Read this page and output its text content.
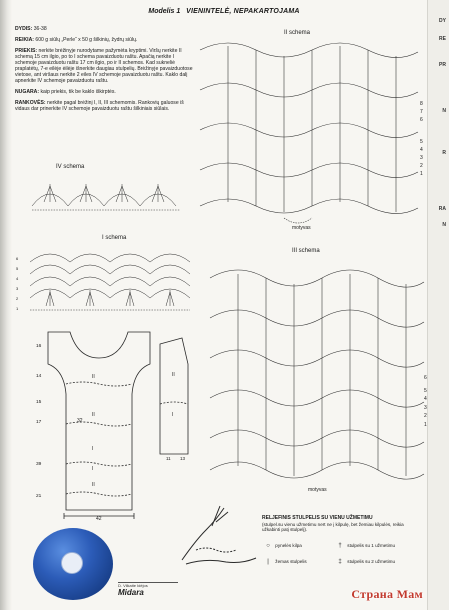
DY
RE
PR
N
R
RA
N
Modelis 1 VIENINTELĖ, NEPAKARTOJAMA

DYDIS: 36-38

REIKIA: 600 g siūlų „Perle“ x 50 g šilkinių, žydrų siūlų.

PRIEKIS: nerkite brėžinyje nurodytame pažymėta kryptimi. Viršų nerkite II schemą 15 cm ilgio, po to I schema pavaizduotu raštu. Apačią nerkite I schemoje pavaizduotu raštu 17 cm ilgio, po ir II schemos. Kad sukneliė praplatėtų, 7-e eilėje ėilėje išnerkite daugiau stulpelių. Brėžinyje pavaizduotose vietose, ant viršaus nerkite 2 eiles IV schemoje pavaizduotu raštu. Kaklo dalį apnerkite IV schemoje pavaizduotu raštu.

NUGARA: kaip priekis, tik be kaklo iškirptės.

RANKOVĖS: nerkite pagal brėžinį I, II, III schemomis. Rankovių galuose iš vidaus dar prinerkite IV schemoje pavaizduotu raštu šilkiniais siūlais.

IV schema
I schema
6
5
4
3
2
1
16
14
15
17
39
21
II
II
I
I
II
32
42
II
I
11 13
II schema
8
7
6
5
4
3
2
1
motyvas
III schema
6
5
4
3
2
1
motyvas
D. Vilkaite Idėjos
Midara
RELJEFINIS STULPELIS SU VIENU UŽMETIMU
(stulpel.su vienu užmetimu nert ne į kilpulę, bet žemiau kilpulės, reikia užkabinti patį stulpelį).
○ pynelės kilpa	† stulpelis su 1 užmetimu
| žemas stulpelis	‡ stulpelis su 2 užmetimu
Страна Мам
